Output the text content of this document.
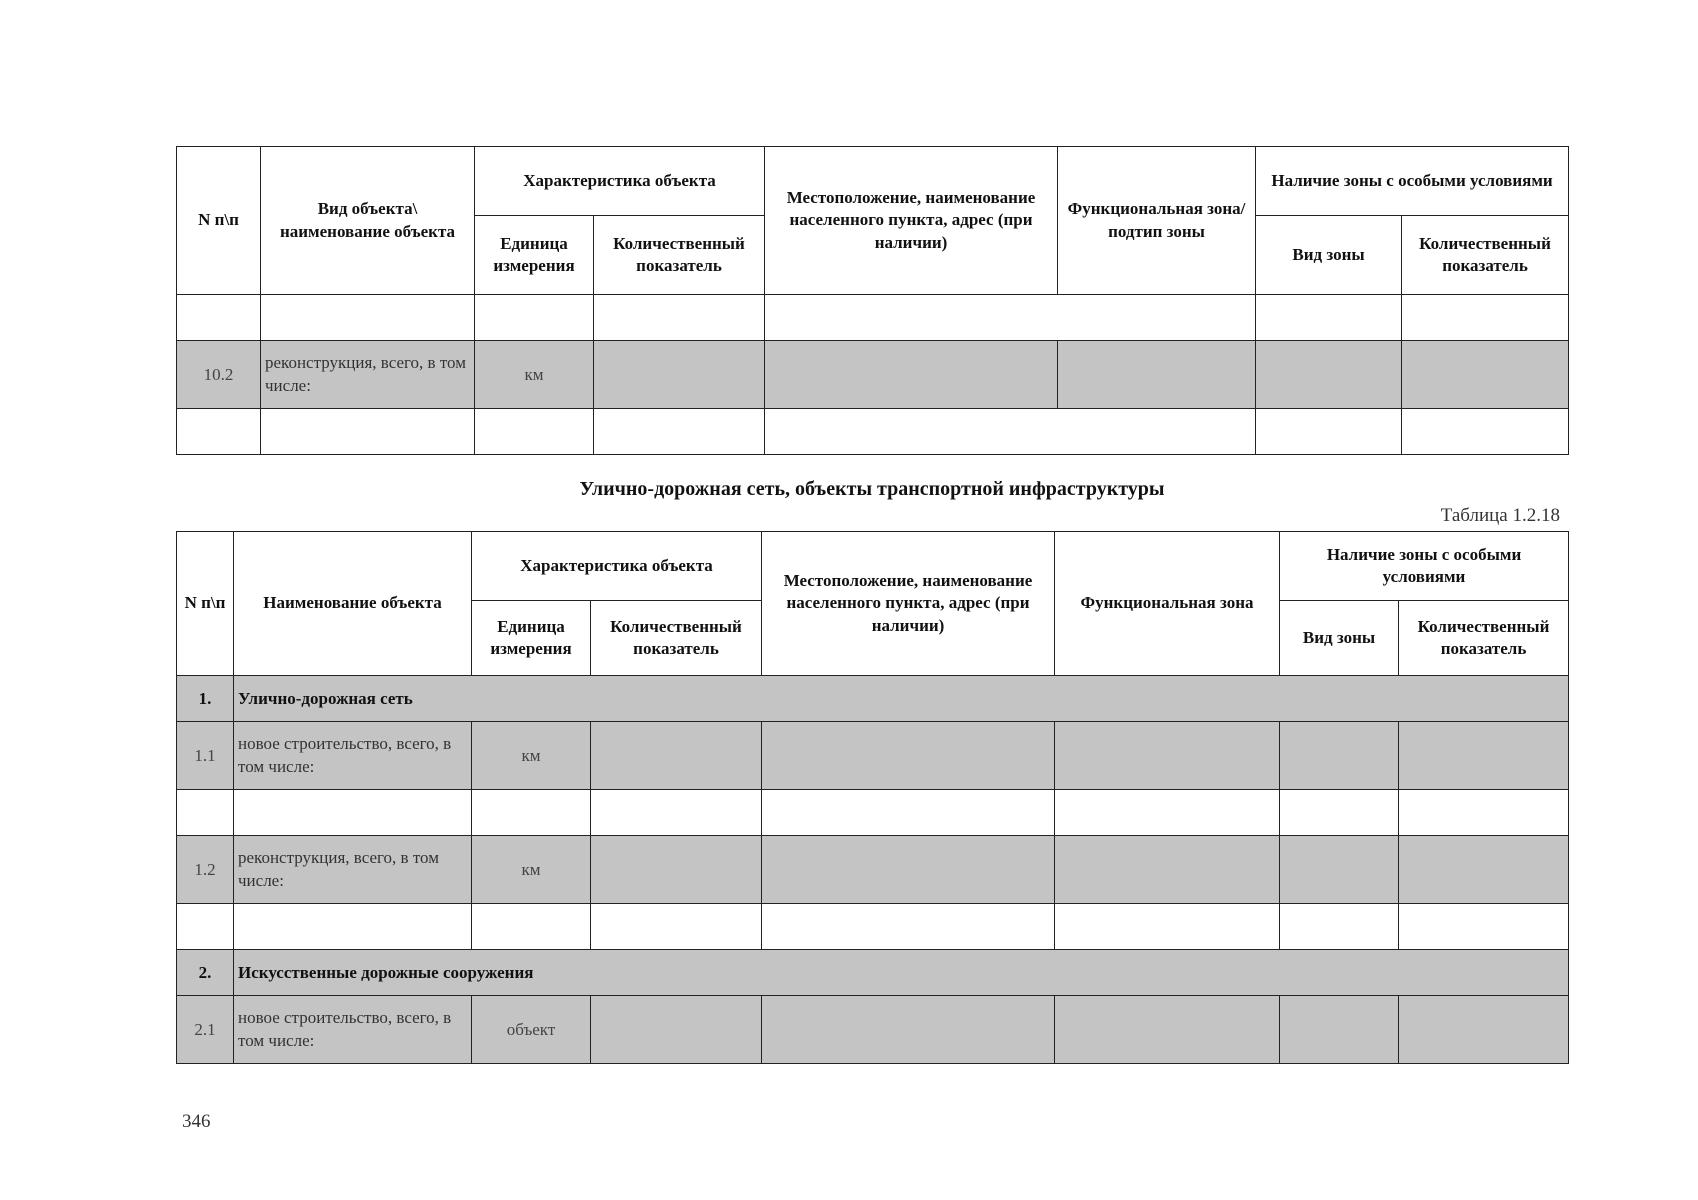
N п\п	Вид объекта\ наименование объекта	Характеристика объекта		Местоположение, наименование населенного пункта, адрес (при наличии)	Функциональная зона/ подтип зоны	Наличие зоны с особыми условиями	
		Единица измерения	Количественный показатель			Вид зоны	Количественный показатель

10.2	реконструкция, всего, в том числе:	км					

Улично-дорожная сеть, объекты транспортной инфраструктуры
Таблица 1.2.18
N п\п	Наименование объекта	Характеристика объекта		Местоположение, наименование населенного пункта, адрес (при наличии)	Функциональная зона	Наличие зоны с особыми условиями	
		Единица измерения	Количественный показатель			Вид зоны	Количественный показатель
1.	Улично-дорожная сеть						
1.1	новое строительство, всего, в том числе:	км					

1.2	реконструкция, всего, в том числе:	км					

2.	Искусственные дорожные сооружения						
2.1	новое строительство, всего, в том числе:	объект					
346
